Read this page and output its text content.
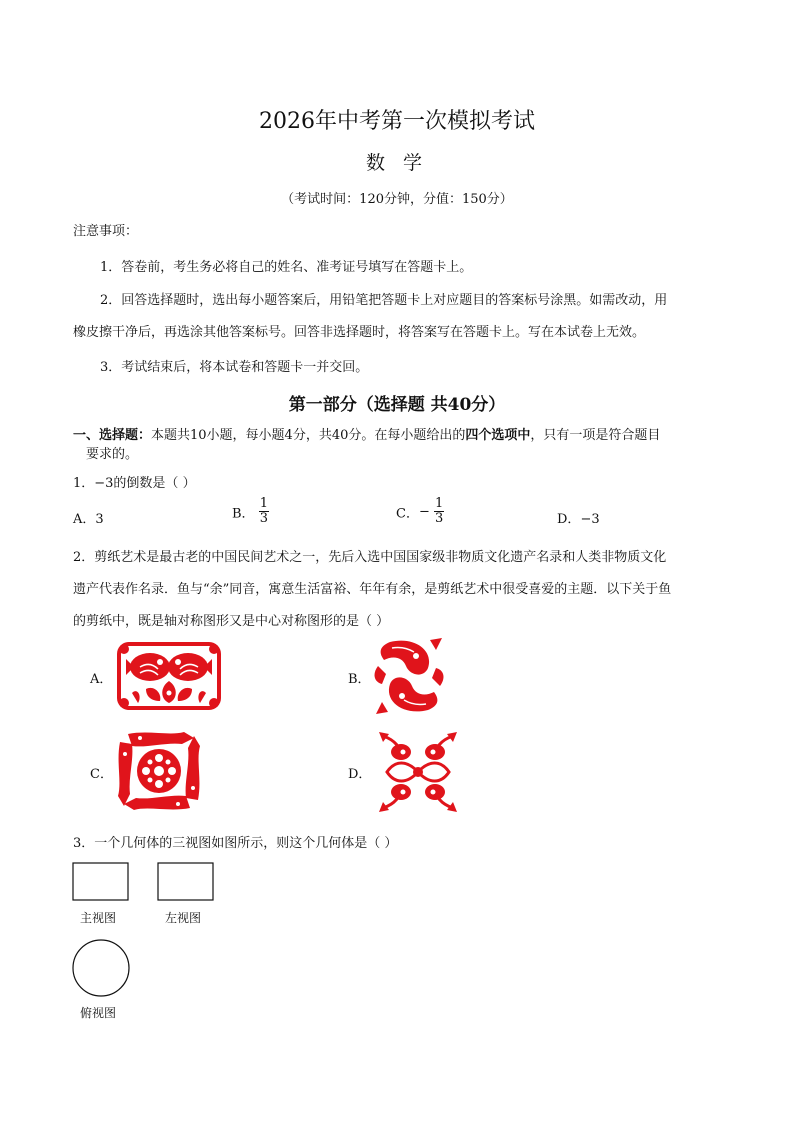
2026年中考第一次模拟考试
数 学
（考试时间：120分钟，分值：150分）
注意事项：
1．答卷前，考生务必将自己的姓名、准考证号填写在答题卡上。
2．回答选择题时，选出每小题答案后，用铅笔把答题卡上对应题目的答案标号涂黑。如需改动，用
橡皮擦干净后，再选涂其他答案标号。回答非选择题时，将答案写在答题卡上。写在本试卷上无效。
3．考试结束后，将本试卷和答题卡一并交回。
第一部分（选择题 共40分）
一、选择题：本题共10小题，每小题4分，共40分。在每小题给出的四个选项中，只有一项是符合题目
要求的。
1．−3的倒数是（ ）
A．3	B． $\frac{1}{3}$	C．− $\frac{1}{3}$	D．−3
2．剪纸艺术是最古老的中国民间艺术之一，先后入选中国国家级非物质文化遗产名录和人类非物质文化
遗产代表作名录．鱼与“余”同音，寓意生活富裕、年年有余，是剪纸艺术中很受喜爱的主题．以下关于鱼
的剪纸中，既是轴对称图形又是中心对称图形的是（ ）
A．	B．
C．	D．
3．一个几何体的三视图如图所示，则这个几何体是（ ）
主视图	左视图
俯视图
